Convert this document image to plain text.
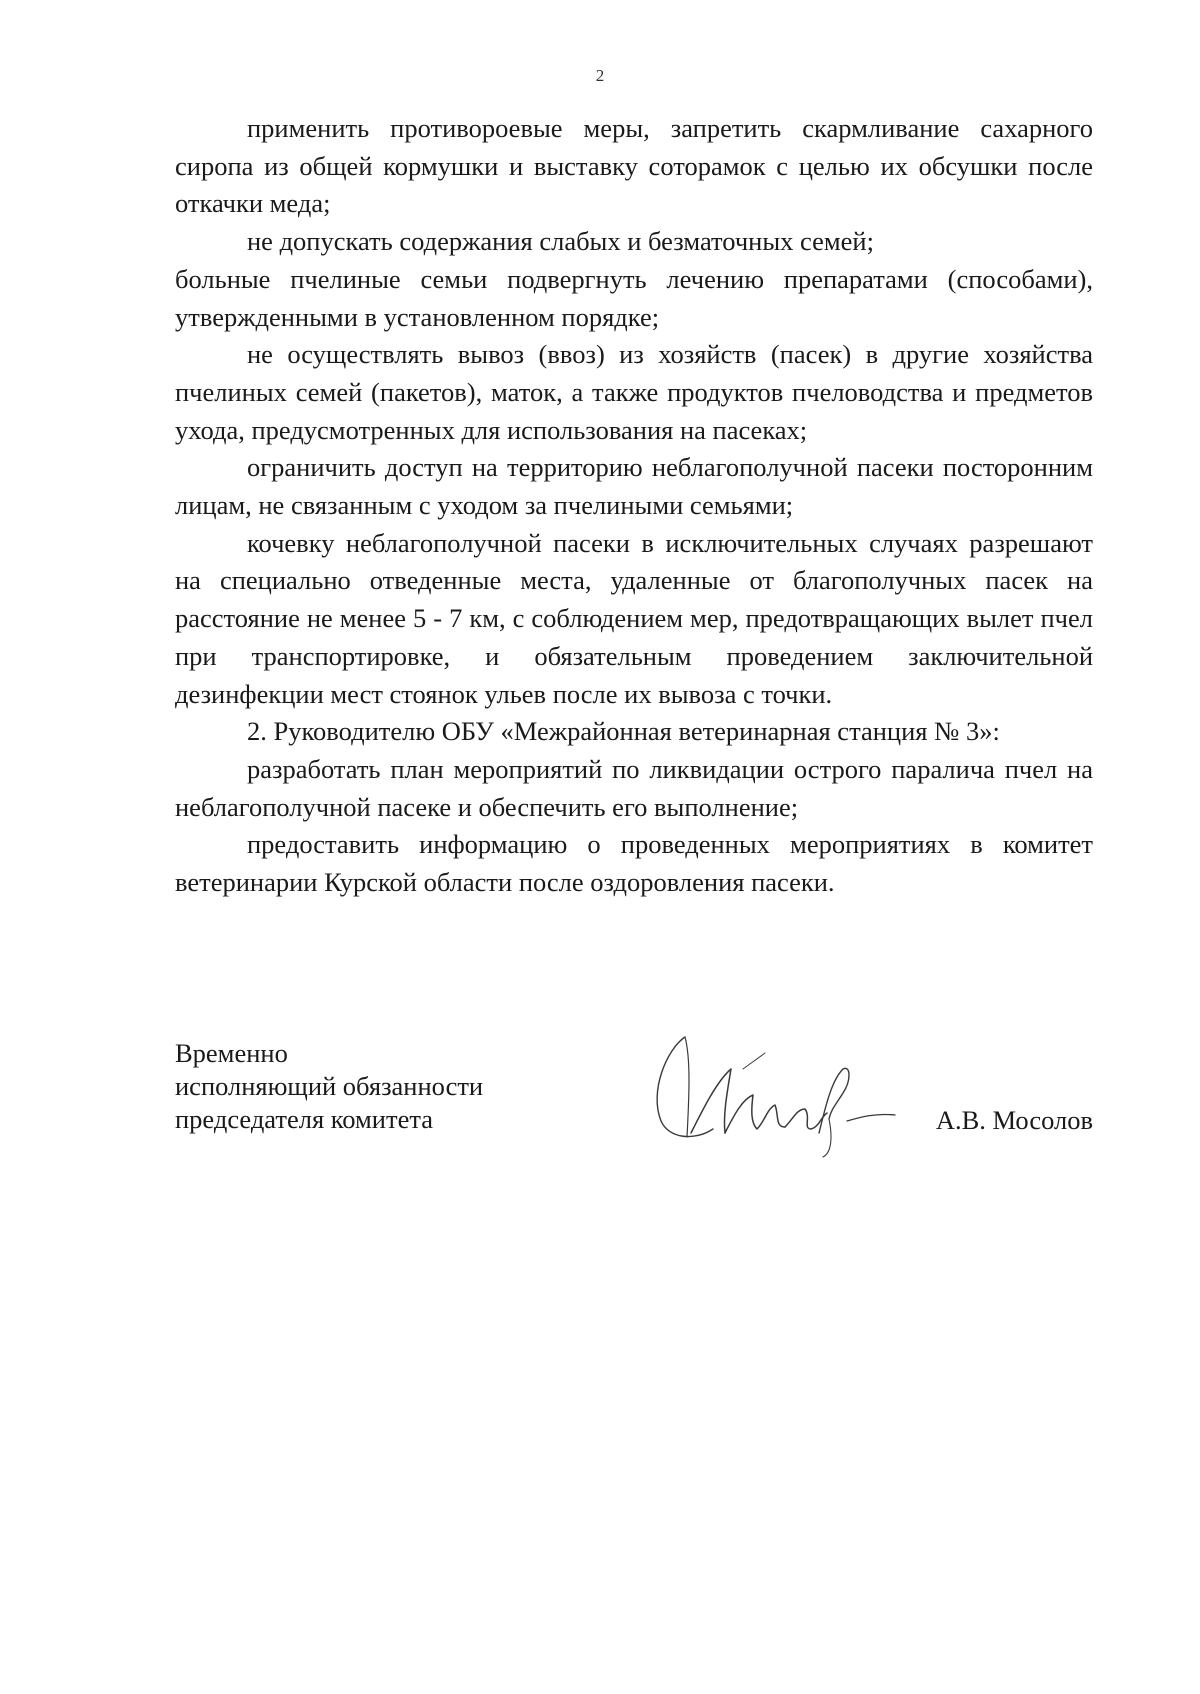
2

применить противороевые меры, запретить скармливание сахарного сиропа из общей кормушки и выставку соторамок с целью их обсушки после откачки меда;

не допускать содержания слабых и безматочных семей;

больные пчелиные семьи подвергнуть лечению препаратами (способами), утвержденными в установленном порядке;

не осуществлять вывоз (ввоз) из хозяйств (пасек) в другие хозяйства пчелиных семей (пакетов), маток, а также продуктов пчеловодства и предметов ухода, предусмотренных для использования на пасеках;

ограничить доступ на территорию неблагополучной пасеки посторонним лицам, не связанным с уходом за пчелиными семьями;

кочевку неблагополучной пасеки в исключительных случаях разрешают на специально отведенные места, удаленные от благополучных пасек на расстояние не менее 5 - 7 км, с соблюдением мер, предотвращающих вылет пчел при транспортировке, и обязательным проведением заключительной дезинфекции мест стоянок ульев после их вывоза с точки.

2. Руководителю ОБУ «Межрайонная ветеринарная станция № 3»:

разработать план мероприятий по ликвидации острого паралича пчел на неблагополучной пасеке и обеспечить его выполнение;

предоставить информацию о проведенных мероприятиях в комитет ветеринарии Курской области после оздоровления пасеки.

Временно
исполняющий обязанности
председателя комитета	А.В. Мосолов
